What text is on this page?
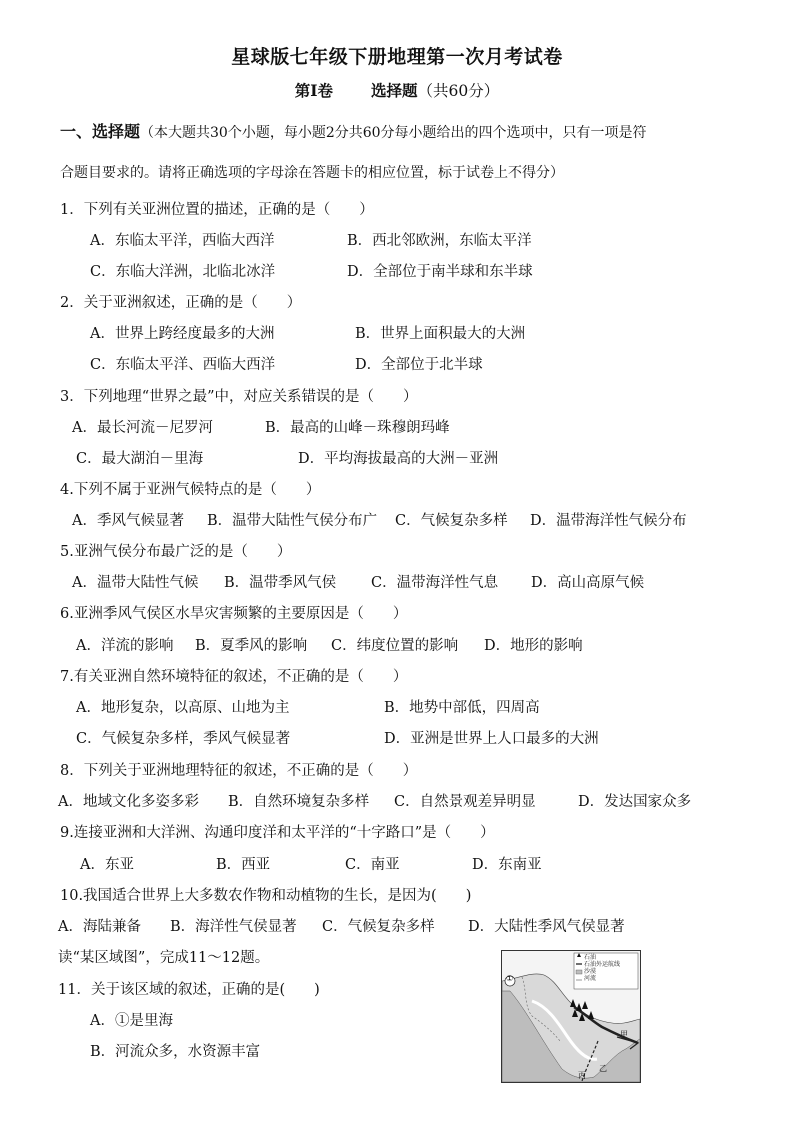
星球版七年级下册地理第一次月考试卷
第Ⅰ卷 选择题（共60分）
一、选择题（本大题共30个小题，每小题2分共60分每小题给出的四个选项中，只有一项是符
合题目要求的。请将正确选项的字母涂在答题卡的相应位置，标于试卷上不得分）
1．下列有关亚洲位置的描述，正确的是（　　）
A．东临太平洋，西临大西洋	B．西北邻欧洲，东临太平洋
C．东临大洋洲，北临北冰洋	D．全部位于南半球和东半球
2．关于亚洲叙述，正确的是（　　）
A．世界上跨经度最多的大洲	B．世界上面积最大的大洲
C．东临太平洋、西临大西洋	D．全部位于北半球
3．下列地理“世界之最”中，对应关系错误的是（　　）
A．最长河流－尼罗河	B．最高的山峰－珠穆朗玛峰
C．最大湖泊－里海	D．平均海拔最高的大洲－亚洲
4.下列不属于亚洲气候特点的是（　　）
A．季风气候显著 B．温带大陆性气侯分布广 C．气候复杂多样 D．温带海洋性气候分布
5.亚洲气侯分布最广泛的是（　　）
A．温带大陆性气候 B．温带季风气侯 C．温带海洋性气息 D．高山高原气候
6.亚洲季风气侯区水旱灾害频繁的主要原因是（　　）
A．洋流的影响 B．夏季风的影响 C．纬度位置的影响 D．地形的影响
7.有关亚洲自然环境特征的叙述，不正确的是（　　）
A．地形复杂，以高原、山地为主	B．地势中部低，四周高
C．气候复杂多样，季风气候显著	D．亚洲是世界上人口最多的大洲
8．下列关于亚洲地理特征的叙述，不正确的是（　　）
A．地域文化多姿多彩 B．自然环境复杂多样 C．自然景观差异明显	D．发达国家众多
9.连接亚洲和大洋洲、沟通印度洋和太平洋的“十字路口”是（　　）
A．东亚	B．西亚	C．南亚	D．东南亚
10.我国适合世界上大多数农作物和动植物的生长，是因为(　　)
A．海陆兼备 B．海洋性气侯显著 C．气候复杂多样 D．大陆性季风气侯显著
读“某区域图”，完成11～12题。
11．关于该区域的叙述，正确的是(　　)
A．①是里海
B．河流众多，水资源丰富
石油
石油外运航线
沙漠
河流
①
甲
乙
丙
